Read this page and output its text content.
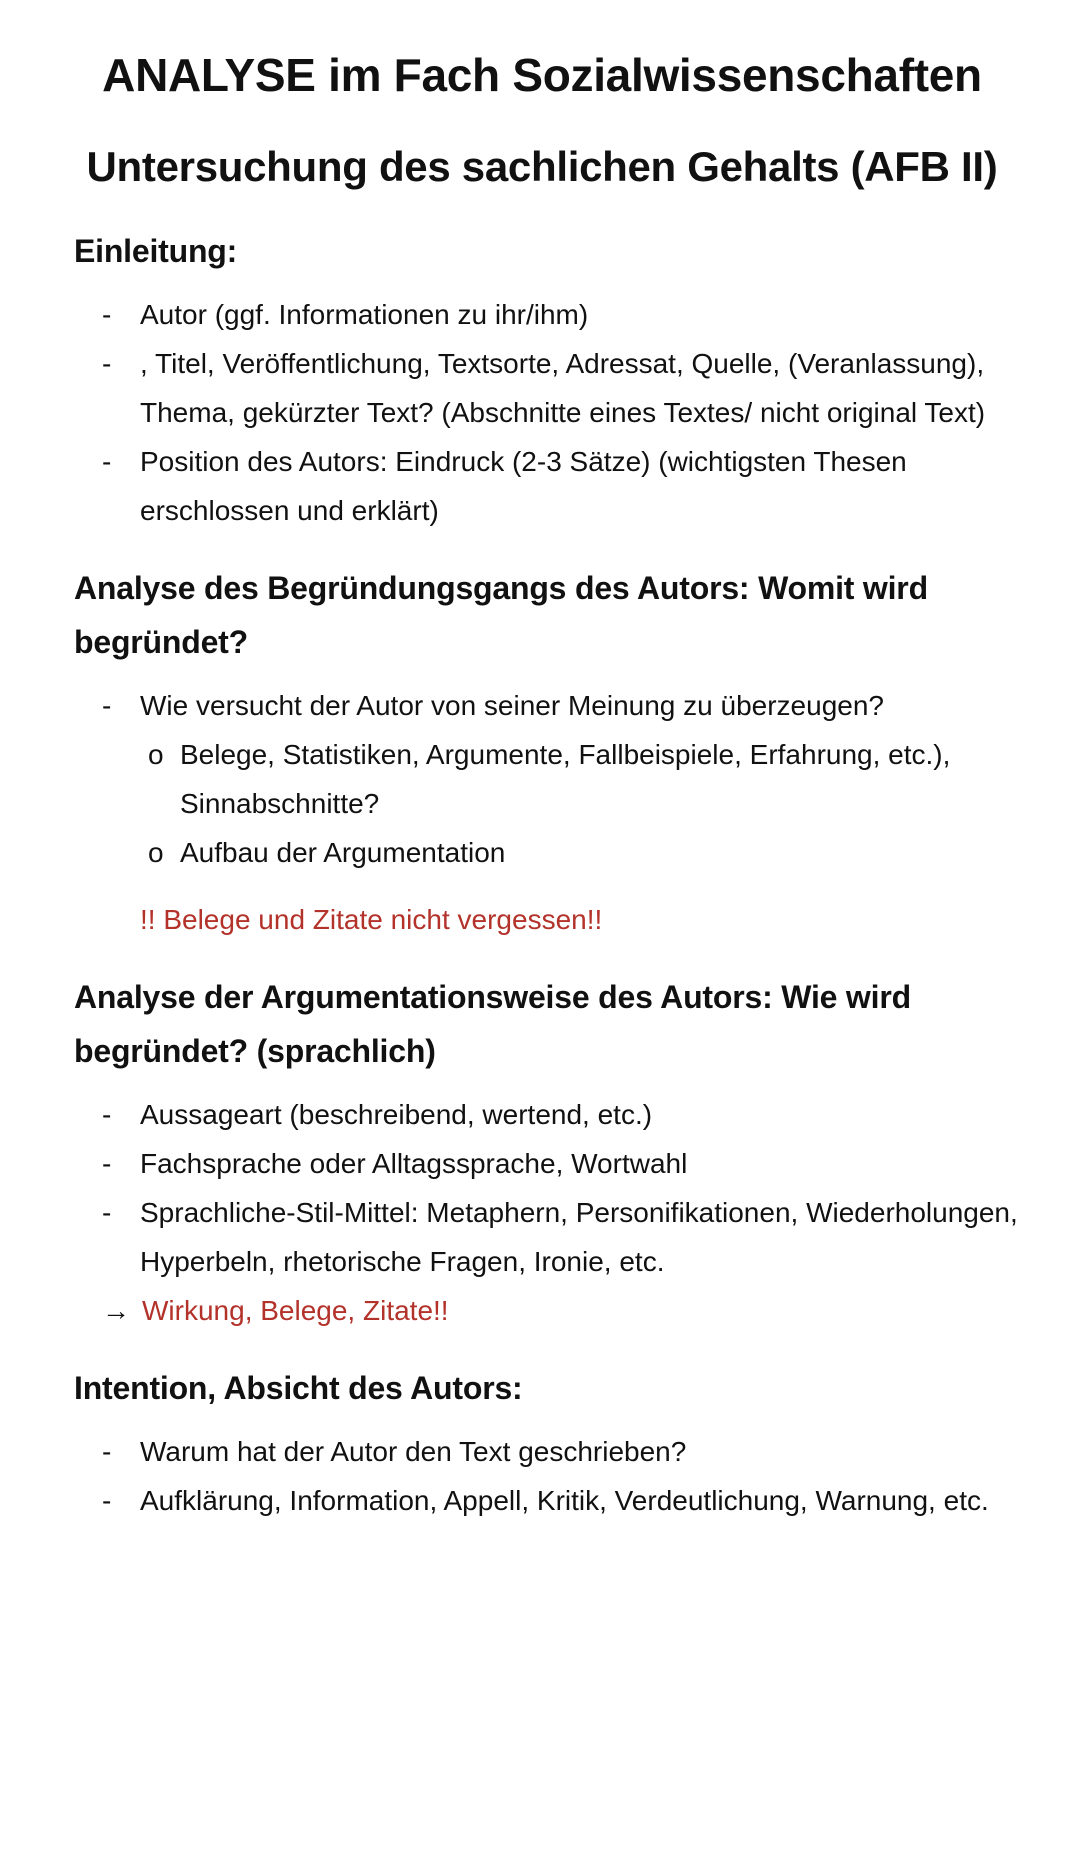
ANALYSE im Fach Sozialwissenschaften
Untersuchung des sachlichen Gehalts (AFB II)
Einleitung:
- Autor (ggf. Informationen zu ihr/ihm)
- , Titel, Veröffentlichung, Textsorte, Adressat, Quelle, (Veranlassung), Thema, gekürzter Text? (Abschnitte eines Textes/ nicht original Text)
- Position des Autors: Eindruck (2-3 Sätze) (wichtigsten Thesen erschlossen und erklärt)
Analyse des Begründungsgangs des Autors: Womit wird begründet?
- Wie versucht der Autor von seiner Meinung zu überzeugen?
o Belege, Statistiken, Argumente, Fallbeispiele, Erfahrung, etc.), Sinnabschnitte?
o Aufbau der Argumentation
!! Belege und Zitate nicht vergessen!!
Analyse der Argumentationsweise des Autors: Wie wird begründet? (sprachlich)
- Aussageart (beschreibend, wertend, etc.)
- Fachsprache oder Alltagssprache, Wortwahl
- Sprachliche-Stil-Mittel: Metaphern, Personifikationen, Wiederholungen, Hyperbeln, rhetorische Fragen, Ironie, etc.
→ Wirkung, Belege, Zitate!!
Intention, Absicht des Autors:
- Warum hat der Autor den Text geschrieben?
- Aufklärung, Information, Appell, Kritik, Verdeutlichung, Warnung, etc.
